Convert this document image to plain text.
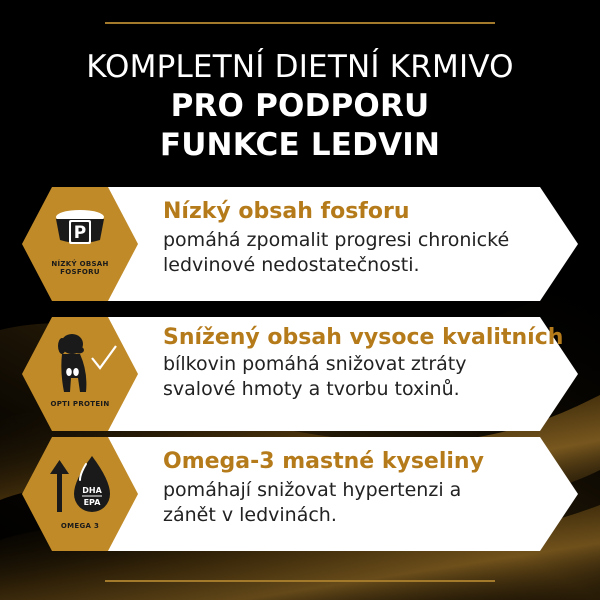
KOMPLETNÍ DIETNÍ KRMIVO
PRO PODPORU
FUNKCE LEDVIN
P
NÍZKÝ OBSAH
FOSFORU
Nízký obsah fosforu
pomáhá zpomalit progresi chronické
ledvinové nedostatečnosti.
OPTI PROTEIN
Snížený obsah vysoce kvalitních
bílkovin pomáhá snižovat ztráty
svalové hmoty a tvorbu toxinů.
DHA
EPA
OMEGA 3
Omega-3 mastné kyseliny
pomáhají snižovat hypertenzi a
zánět v ledvinách.
